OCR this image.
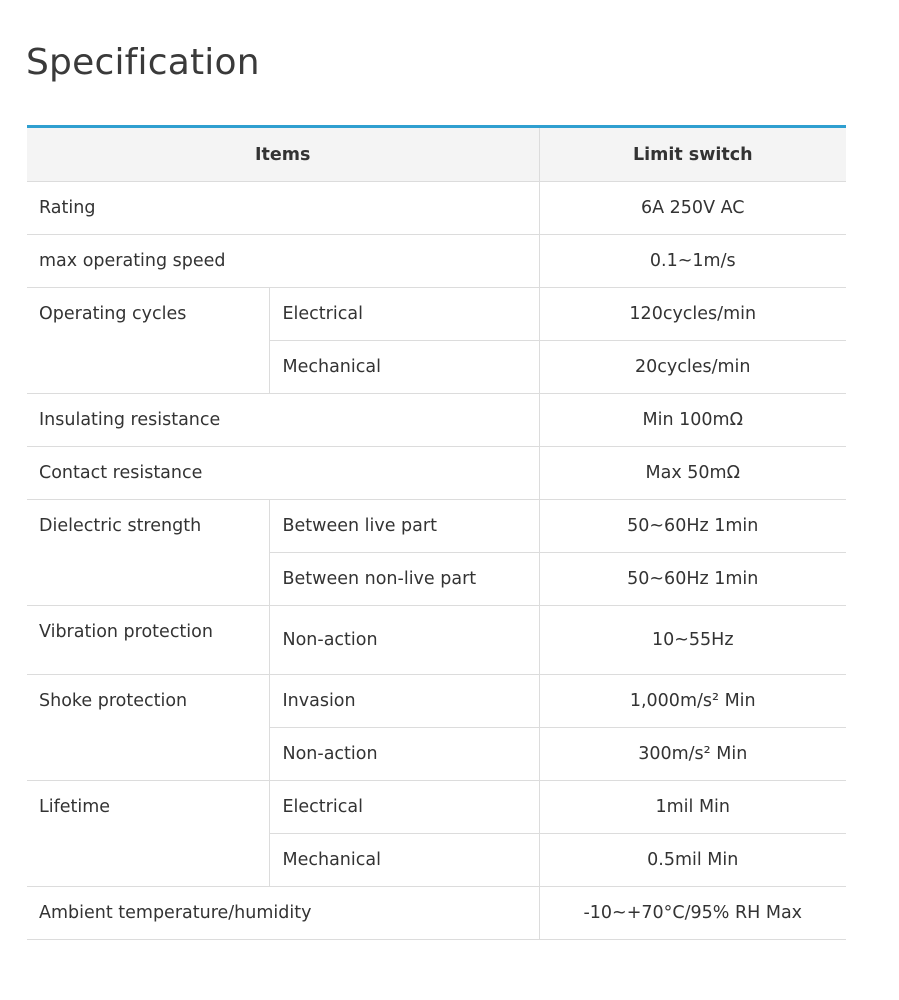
Specification
Items		Limit switch
Rating		6A 250V AC
max operating speed		0.1~1m/s
Operating cycles	Electrical	120cycles/min
	Mechanical	20cycles/min
Insulating resistance		Min 100mΩ
Contact resistance		Max 50mΩ
Dielectric strength	Between live part	50~60Hz 1min
	Between non-live part	50~60Hz 1min
Vibration protection	Non-action	10~55Hz
Shoke protection	Invasion	1,000m/s² Min
	Non-action	300m/s² Min
Lifetime	Electrical	1mil Min
	Mechanical	0.5mil Min
Ambient temperature/humidity		-10~+70°C/95% RH Max
